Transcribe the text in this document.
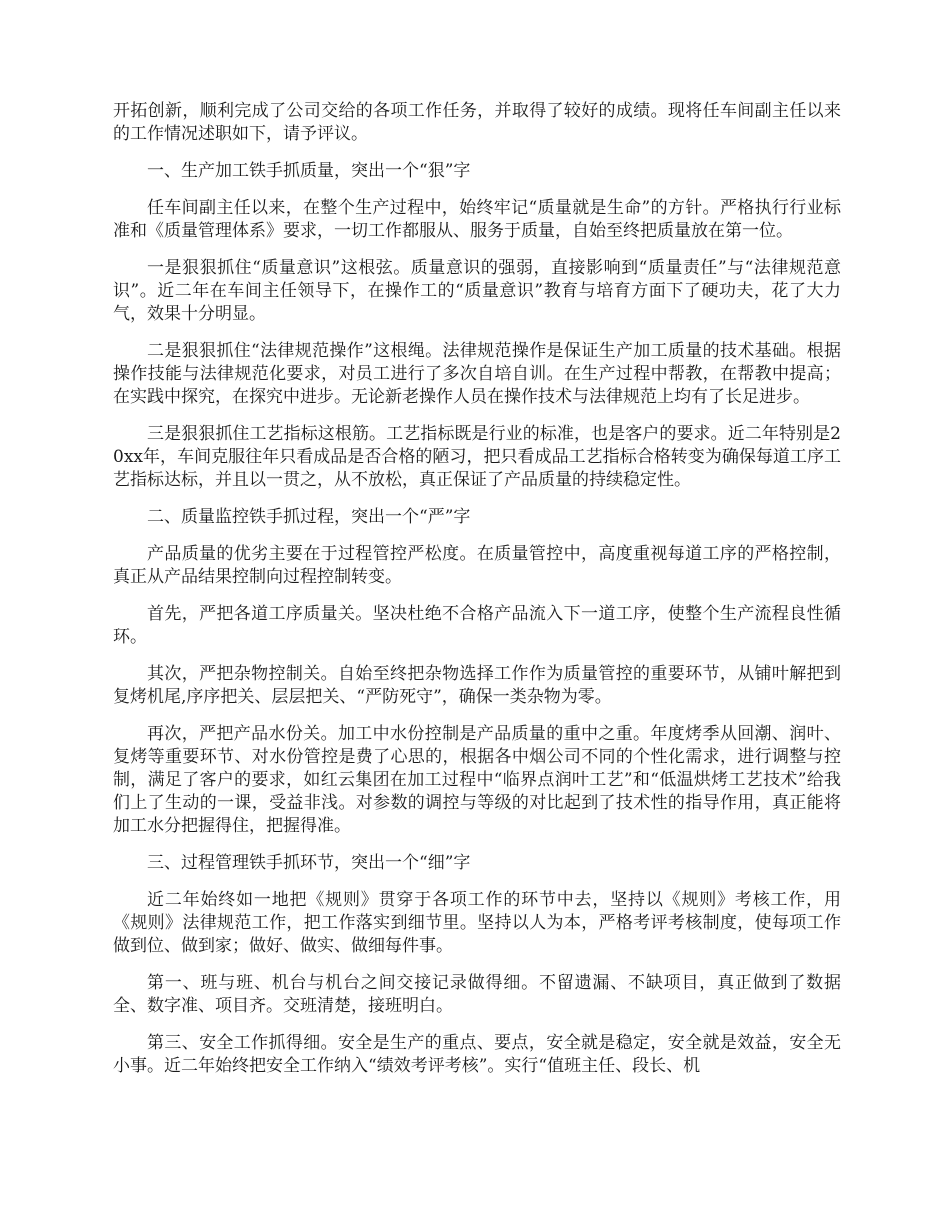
开拓创新，顺利完成了公司交给的各项工作任务，并取得了较好的成绩。现将任车间副主任以来的工作情况述职如下，请予评议。

一、生产加工铁手抓质量，突出一个“狠”字

任车间副主任以来，在整个生产过程中，始终牢记“质量就是生命”的方针。严格执行行业标准和《质量管理体系》要求，一切工作都服从、服务于质量，自始至终把质量放在第一位。

一是狠狠抓住“质量意识”这根弦。质量意识的强弱，直接影响到“质量责任”与“法律规范意识”。近二年在车间主任领导下，在操作工的“质量意识”教育与培育方面下了硬功夫，花了大力气，效果十分明显。

二是狠狠抓住“法律规范操作”这根绳。法律规范操作是保证生产加工质量的技术基础。根据操作技能与法律规范化要求，对员工进行了多次自培自训。在生产过程中帮教，在帮教中提高；在实践中探究，在探究中进步。无论新老操作人员在操作技术与法律规范上均有了长足进步。

三是狠狠抓住工艺指标这根筋。工艺指标既是行业的标准，也是客户的要求。近二年特别是20xx年，车间克服往年只看成品是否合格的陋习，把只看成品工艺指标合格转变为确保每道工序工艺指标达标，并且以一贯之，从不放松，真正保证了产品质量的持续稳定性。

二、质量监控铁手抓过程，突出一个“严”字

产品质量的优劣主要在于过程管控严松度。在质量管控中，高度重视每道工序的严格控制，真正从产品结果控制向过程控制转变。

首先，严把各道工序质量关。坚决杜绝不合格产品流入下一道工序，使整个生产流程良性循环。

其次，严把杂物控制关。自始至终把杂物选择工作作为质量管控的重要环节，从铺叶解把到复烤机尾,序序把关、层层把关、“严防死守”，确保一类杂物为零。

再次，严把产品水份关。加工中水份控制是产品质量的重中之重。年度烤季从回潮、润叶、复烤等重要环节、对水份管控是费了心思的，根据各中烟公司不同的个性化需求，进行调整与控制，满足了客户的要求，如红云集团在加工过程中“临界点润叶工艺”和“低温烘烤工艺技术”给我们上了生动的一课，受益非浅。对参数的调控与等级的对比起到了技术性的指导作用，真正能将加工水分把握得住，把握得准。

三、过程管理铁手抓环节，突出一个“细”字

近二年始终如一地把《规则》贯穿于各项工作的环节中去，坚持以《规则》考核工作，用《规则》法律规范工作，把工作落实到细节里。坚持以人为本，严格考评考核制度，使每项工作做到位、做到家；做好、做实、做细每件事。

第一、班与班、机台与机台之间交接记录做得细。不留遗漏、不缺项目，真正做到了数据全、数字准、项目齐。交班清楚，接班明白。

第三、安全工作抓得细。安全是生产的重点、要点，安全就是稳定，安全就是效益，安全无小事。近二年始终把安全工作纳入“绩效考评考核”。实行“值班主任、段长、机
